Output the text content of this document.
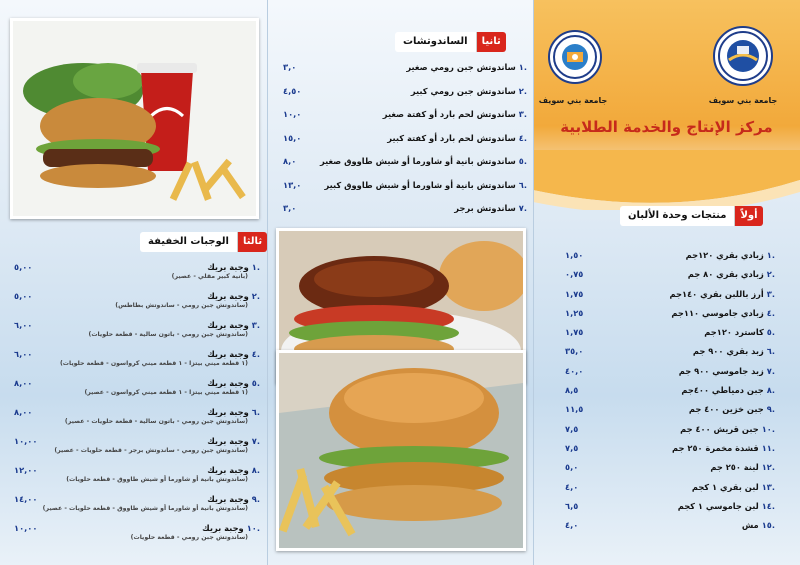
جامعة بني سويف
جامعة بني سويف
مركز الإنتاج والخدمة الطلابية
ثانيا
الساندوتشات
.١ساندوتش جبن رومي صغير
٣,٠
.٢ساندوتش جبن رومي كبير
٤,٥٠
.٣ساندوتش لحم بارد أو كفتة صغير
١٠,٠
.٤ساندوتش لحم بارد أو كفتة كبير
١٥,٠
.٥ساندوتش بانية أو شاورما أو شيش طاووق صغير
٨,٠
.٦ساندوتش بانية أو شاورما أو شيش طاووق كبير
١٣,٠
.٧ساندوتش برجر
٣,٠
ثالثا
الوجبات الخفيفة
.١وجبة بريك
٥,٠٠
(بانية كبير مقلي - عصير)
.٢وجبة بريك
٥,٠٠
(ساندوتش جبن رومي - ساندوتش بطاطس)
.٣وجبة بريك
٦,٠٠
(ساندوتش جبن رومي - باتون سالية - قطعة حلويات)
.٤وجبة بريك
٦,٠٠
(١ قطعة ميني بيتزا - ١ قطعة ميني كرواسون - قطعة حلويات)
.٥وجبة بريك
٨,٠٠
(١ قطعة ميني بيتزا - ١ قطعة ميني كرواسون - عصير)
.٦وجبة بريك
٨,٠٠
(ساندوتش جبن رومي - باتون سالية - قطعة حلويات - عصير)
.٧وجبة بريك
١٠,٠٠
(ساندوتش جبن رومي - ساندوتش برجر - قطعة حلويات - عصير)
.٨وجبة بريك
١٢,٠٠
(ساندوتش بانية أو شاورما أو شيش طاووق - قطعة حلويات)
.٩وجبة بريك
١٤,٠٠
(ساندوتش بانية أو شاورما أو شيش طاووق - قطعة حلويات - عصير)
.١٠وجبة بريك
١٠,٠٠
(ساندوتش جبن رومي - قطعة حلويات)
أولاً
منتجات وحدة الألبان
.١زبادي بقري ١٢٠جم
١,٥٠
.٢زبادي بقري ٨٠ جم
٠,٧٥
.٣أرز باللبن بقري ١٤٠جم
١,٧٥
.٤زبادي جاموسي ١١٠جم
١,٢٥
.٥كاسترد ١٢٠جم
١,٧٥
.٦زبد بقري ٩٠٠ جم
٣٥,٠
.٧زبد جاموسي ٩٠٠ جم
٤٠,٠
.٨جبن دمياطي ٤٠٠جم
٨,٥
.٩جبن خزين ٤٠٠ جم
١١,٥
.١٠جبن قريش ٤٠٠ جم
٧,٥
.١١قشدة مخمرة ٢٥٠ جم
٧,٥
.١٢لبنة ٢٥٠ جم
٥,٠
.١٣لبن بقري ١ كجم
٤,٠
.١٤لبن جاموسي ١ كجم
٦,٥
.١٥مش
٤,٠
